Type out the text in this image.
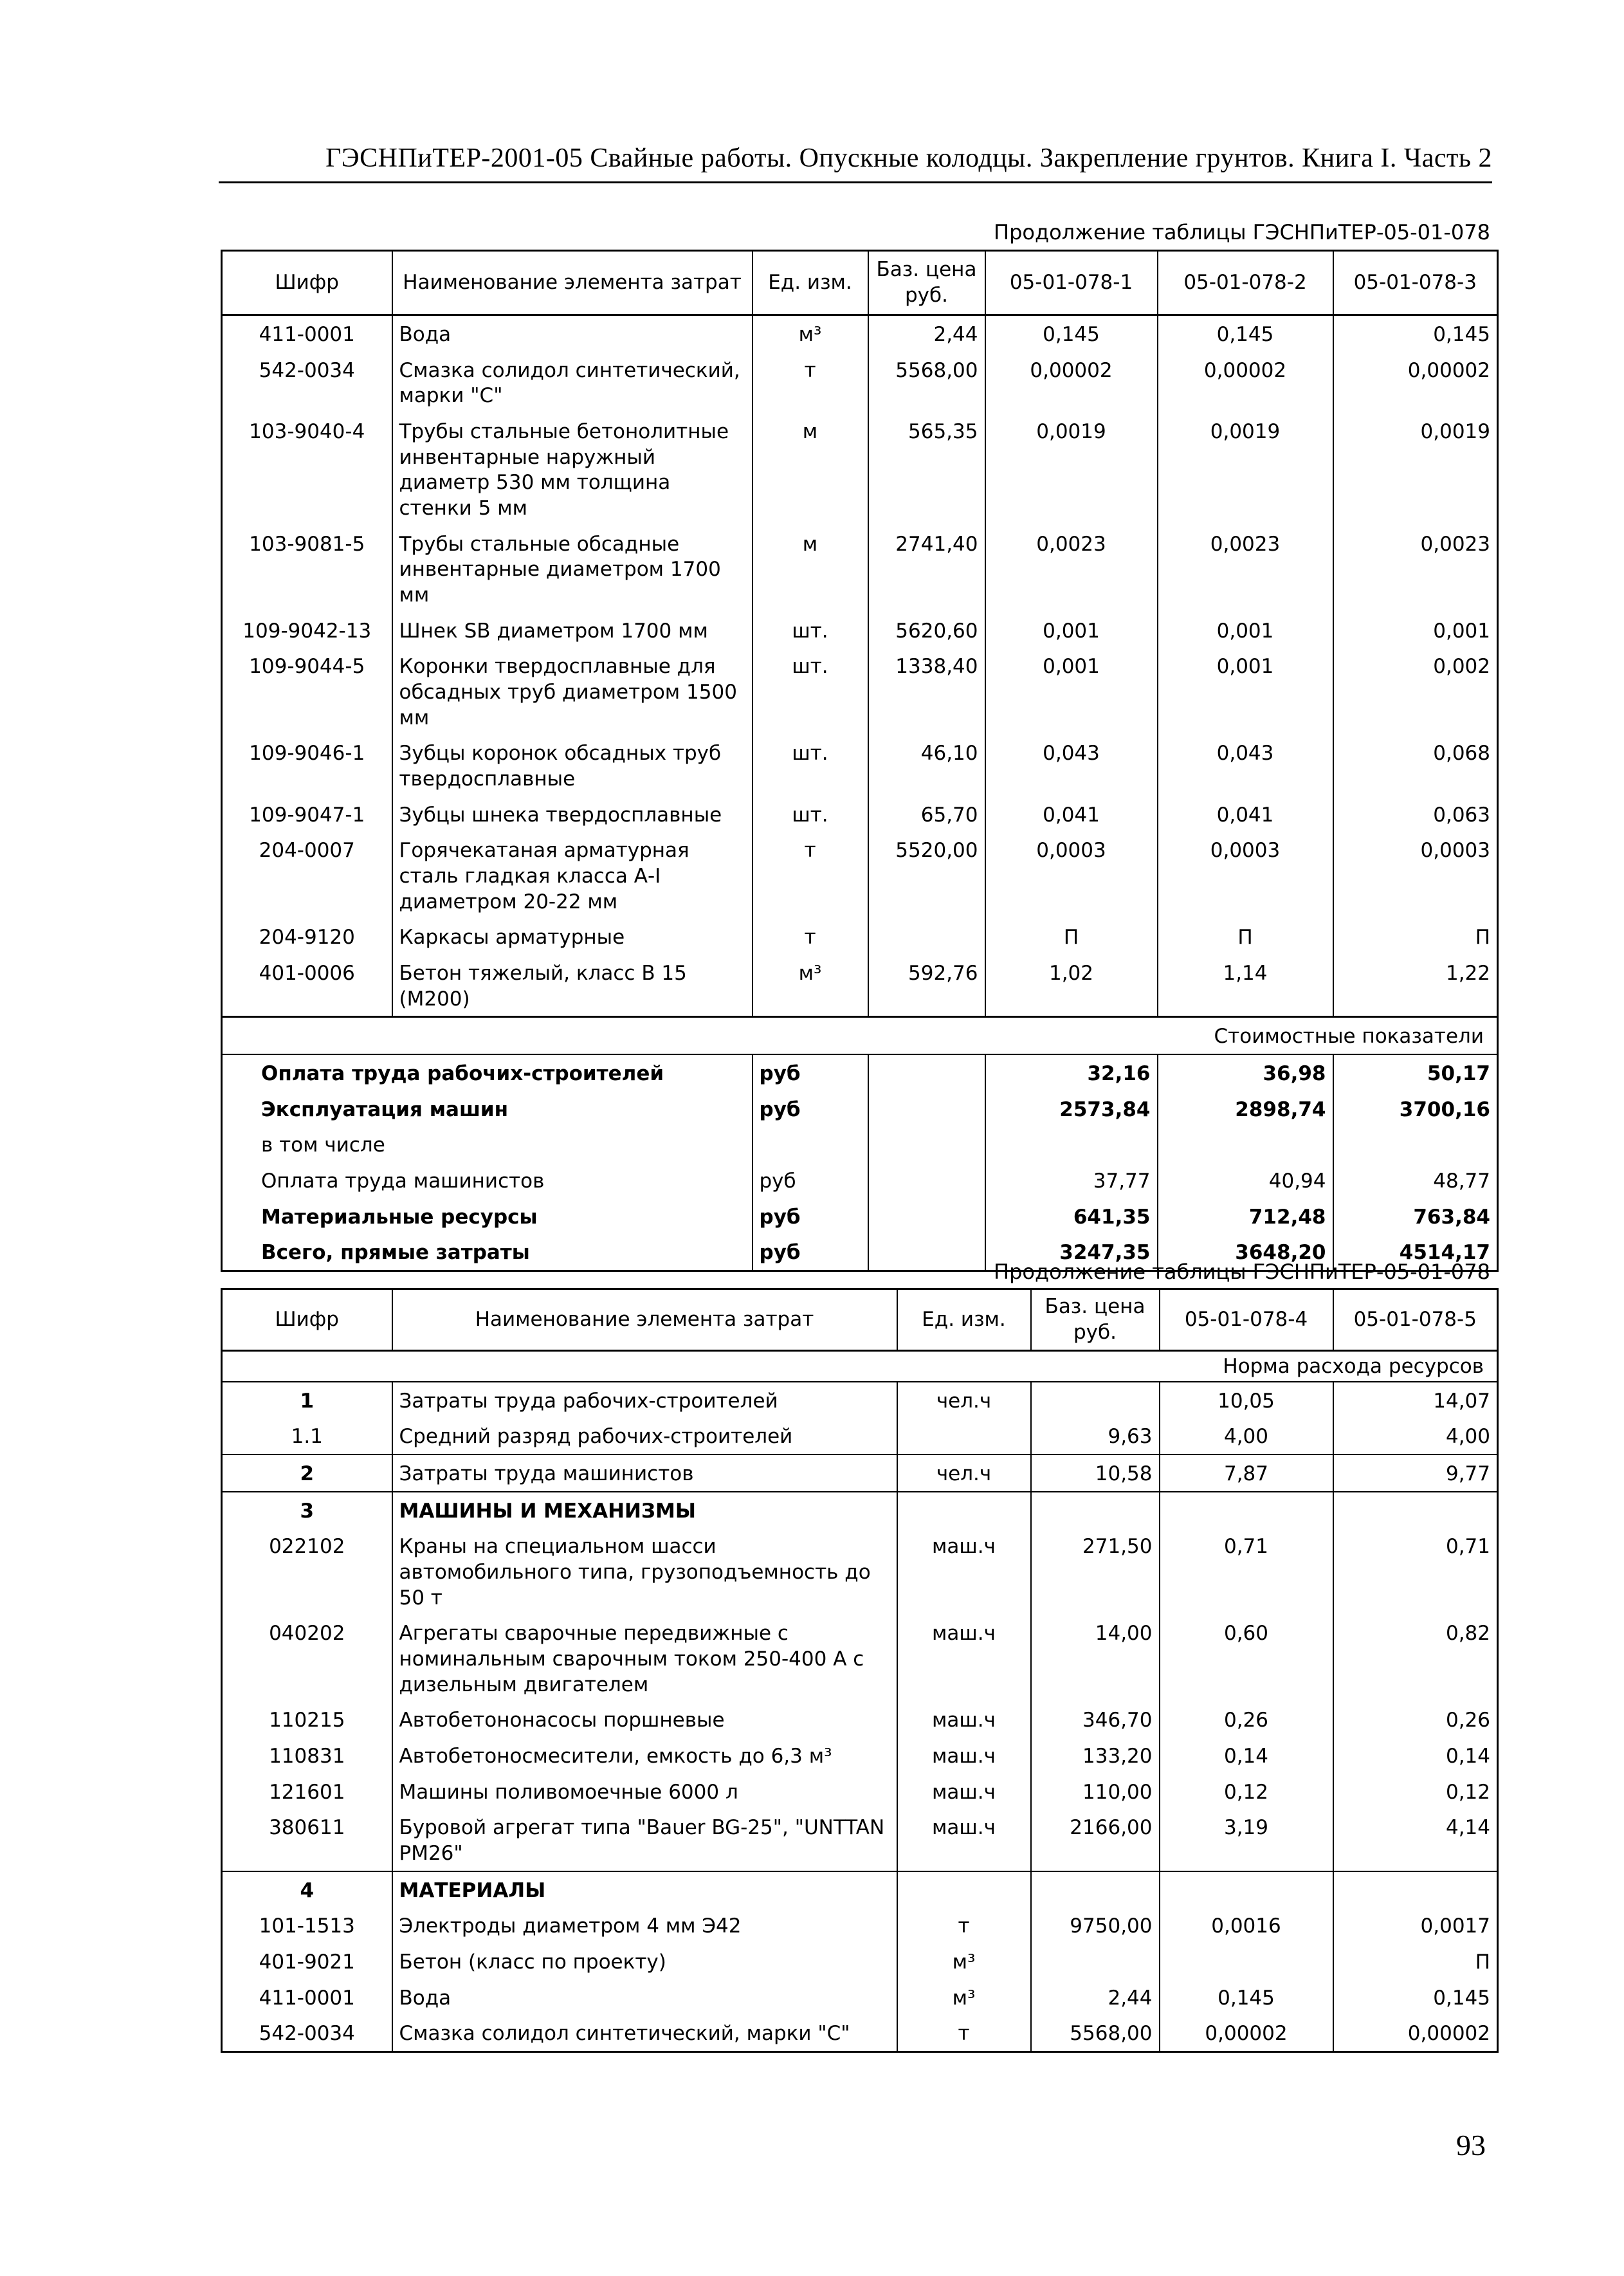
ГЭСНПиТЕР-2001-05 Свайные работы. Опускные колодцы. Закрепление грунтов. Книга I. Часть 2
Продолжение таблицы ГЭСНПиТЕР-05-01-078
Шифр	Наименование элемента затрат	Ед. изм.	Баз. цена руб.	05-01-078-1	05-01-078-2	05-01-078-3
411-0001	Вода	м³	2,44	0,145	0,145	0,145
542-0034	Смазка солидол синтетический, марки "С"	т	5568,00	0,00002	0,00002	0,00002
103-9040-4	Трубы стальные бетонолитные инвентарные наружный диаметр 530 мм толщина стенки 5 мм	м	565,35	0,0019	0,0019	0,0019
103-9081-5	Трубы стальные обсадные инвентарные диаметром 1700 мм	м	2741,40	0,0023	0,0023	0,0023
109-9042-13	Шнек SB диаметром 1700 мм	шт.	5620,60	0,001	0,001	0,001
109-9044-5	Коронки твердосплавные для обсадных труб диаметром 1500 мм	шт.	1338,40	0,001	0,001	0,002
109-9046-1	Зубцы коронок обсадных труб твердосплавные	шт.	46,10	0,043	0,043	0,068
109-9047-1	Зубцы шнека твердосплавные	шт.	65,70	0,041	0,041	0,063
204-0007	Горячекатаная арматурная сталь гладкая класса А-I диаметром 20-22 мм	т	5520,00	0,0003	0,0003	0,0003
204-9120	Каркасы арматурные	т		П	П	П
401-0006	Бетон тяжелый, класс В 15 (М200)	м³	592,76	1,02	1,14	1,22
Стоимостные показатели						
Оплата труда рабочих-строителей		руб		32,16	36,98	50,17
Эксплуатация машин		руб		2573,84	2898,74	3700,16
в том числе						
Оплата труда машинистов		руб		37,77	40,94	48,77
Материальные ресурсы		руб		641,35	712,48	763,84
Всего, прямые затраты		руб		3247,35	3648,20	4514,17
Продолжение таблицы ГЭСНПиТЕР-05-01-078
Шифр	Наименование элемента затрат	Ед. изм.	Баз. цена руб.	05-01-078-4	05-01-078-5
Норма расхода ресурсов					
1	Затраты труда рабочих-строителей	чел.ч		10,05	14,07
1.1	Средний разряд рабочих-строителей		9,63	4,00	4,00
2	Затраты труда машинистов	чел.ч	10,58	7,87	9,77
3	МАШИНЫ И МЕХАНИЗМЫ				
022102	Краны на специальном шасси автомобильного типа, грузоподъемность до 50 т	маш.ч	271,50	0,71	0,71
040202	Агрегаты сварочные передвижные с номинальным сварочным током 250-400 А с дизельным двигателем	маш.ч	14,00	0,60	0,82
110215	Автобетононасосы поршневые	маш.ч	346,70	0,26	0,26
110831	Автобетоносмесители, емкость до 6,3 м³	маш.ч	133,20	0,14	0,14
121601	Машины поливомоечные 6000 л	маш.ч	110,00	0,12	0,12
380611	Буровой агрегат типа "Bauer BG-25", "UNTTAN PM26"	маш.ч	2166,00	3,19	4,14
4	МАТЕРИАЛЫ				
101-1513	Электроды диаметром 4 мм Э42	т	9750,00	0,0016	0,0017
401-9021	Бетон (класс по проекту)	м³			П
411-0001	Вода	м³	2,44	0,145	0,145
542-0034	Смазка солидол синтетический, марки "С"	т	5568,00	0,00002	0,00002
93
